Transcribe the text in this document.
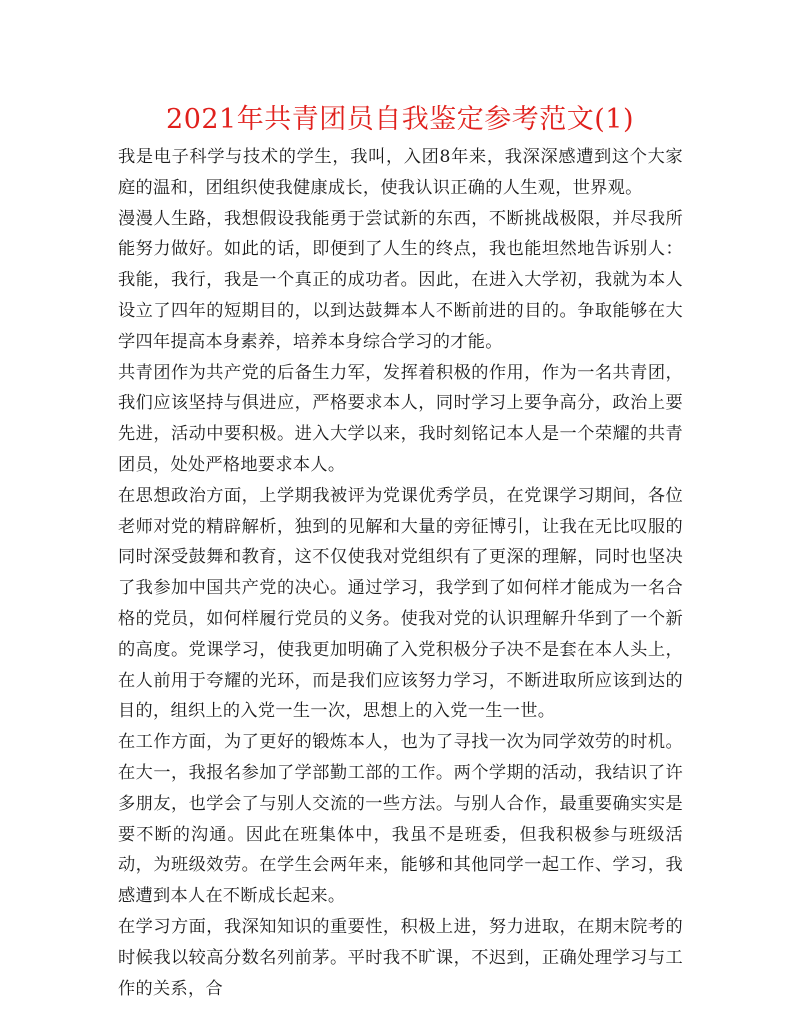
2021年共青团员自我鉴定参考范文(1)

我是电子科学与技术的学生，我叫，入团8年来，我深深感遭到这个大家庭的温和，团组织使我健康成长，使我认识正确的人生观，世界观。

漫漫人生路，我想假设我能勇于尝试新的东西，不断挑战极限，并尽我所能努力做好。如此的话，即便到了人生的终点，我也能坦然地告诉别人：我能，我行，我是一个真正的成功者。因此，在进入大学初，我就为本人设立了四年的短期目的，以到达鼓舞本人不断前进的目的。争取能够在大学四年提高本身素养，培养本身综合学习的才能。

共青团作为共产党的后备生力军，发挥着积极的作用，作为一名共青团，我们应该坚持与俱进应，严格要求本人，同时学习上要争高分，政治上要先进，活动中要积极。进入大学以来，我时刻铭记本人是一个荣耀的共青团员，处处严格地要求本人。

在思想政治方面，上学期我被评为党课优秀学员，在党课学习期间，各位老师对党的精辟解析，独到的见解和大量的旁征博引，让我在无比叹服的同时深受鼓舞和教育，这不仅使我对党组织有了更深的理解，同时也坚决了我参加中国共产党的决心。通过学习，我学到了如何样才能成为一名合格的党员，如何样履行党员的义务。使我对党的认识理解升华到了一个新的高度。党课学习，使我更加明确了入党积极分子决不是套在本人头上，在人前用于夸耀的光环，而是我们应该努力学习，不断进取所应该到达的目的，组织上的入党一生一次，思想上的入党一生一世。

在工作方面，为了更好的锻炼本人，也为了寻找一次为同学效劳的时机。在大一，我报名参加了学部勤工部的工作。两个学期的活动，我结识了许多朋友，也学会了与别人交流的一些方法。与别人合作，最重要确实实是要不断的沟通。因此在班集体中，我虽不是班委，但我积极参与班级活动，为班级效劳。在学生会两年来，能够和其他同学一起工作、学习，我感遭到本人在不断成长起来。

在学习方面，我深知知识的重要性，积极上进，努力进取，在期末院考的时候我以较高分数名列前茅。平时我不旷课，不迟到，正确处理学习与工作的关系，合
